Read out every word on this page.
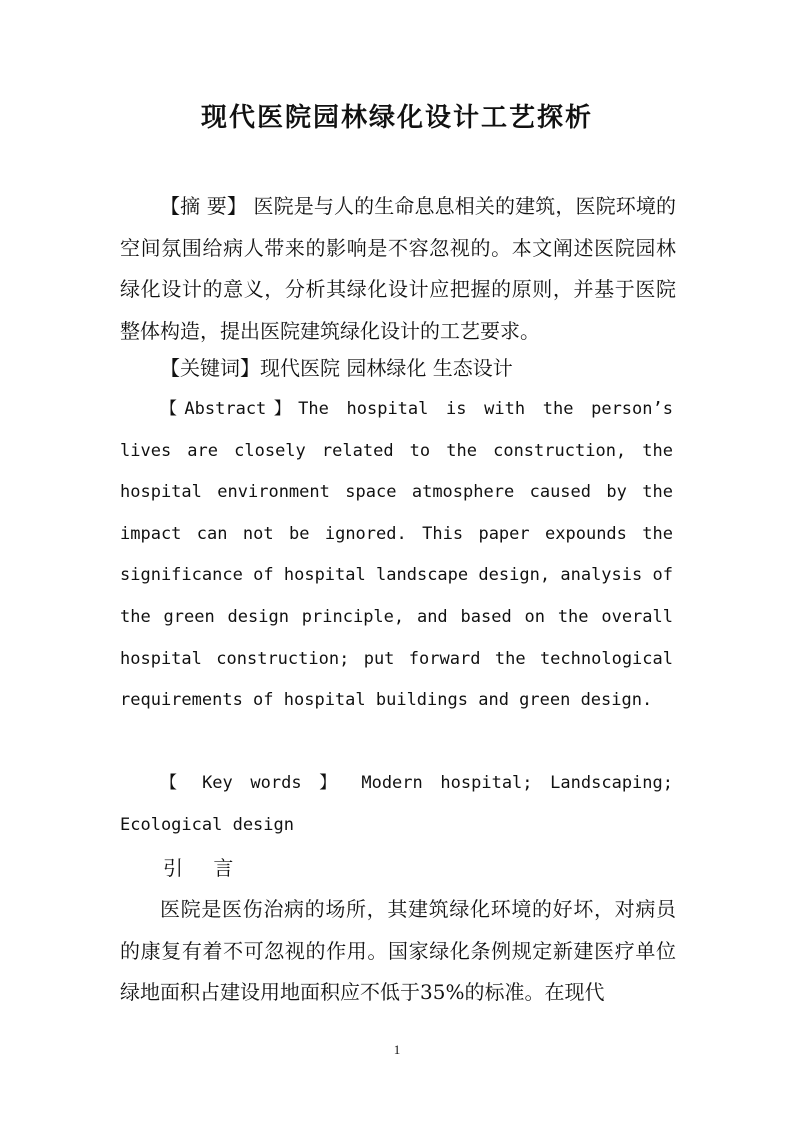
现代医院园林绿化设计工艺探析

【摘 要】 医院是与人的生命息息相关的建筑，医院环境的空间氛围给病人带来的影响是不容忽视的。本文阐述医院园林绿化设计的意义，分析其绿化设计应把握的原则，并基于医院整体构造，提出医院建筑绿化设计的工艺要求。

【关键词】现代医院 园林绿化 生态设计

【Abstract】The hospital is with the person’s lives are closely related to the construction, the hospital environment space atmosphere caused by the impact can not be ignored. This paper expounds the significance of hospital landscape design, analysis of the green design principle, and based on the overall hospital construction; put forward the technological requirements of hospital buildings and green design.

【 Key words 】 Modern hospital; Landscaping; Ecological design

引 言

医院是医伤治病的场所，其建筑绿化环境的好坏，对病员的康复有着不可忽视的作用。国家绿化条例规定新建医疗单位绿地面积占建设用地面积应不低于35%的标准。在现代

1
